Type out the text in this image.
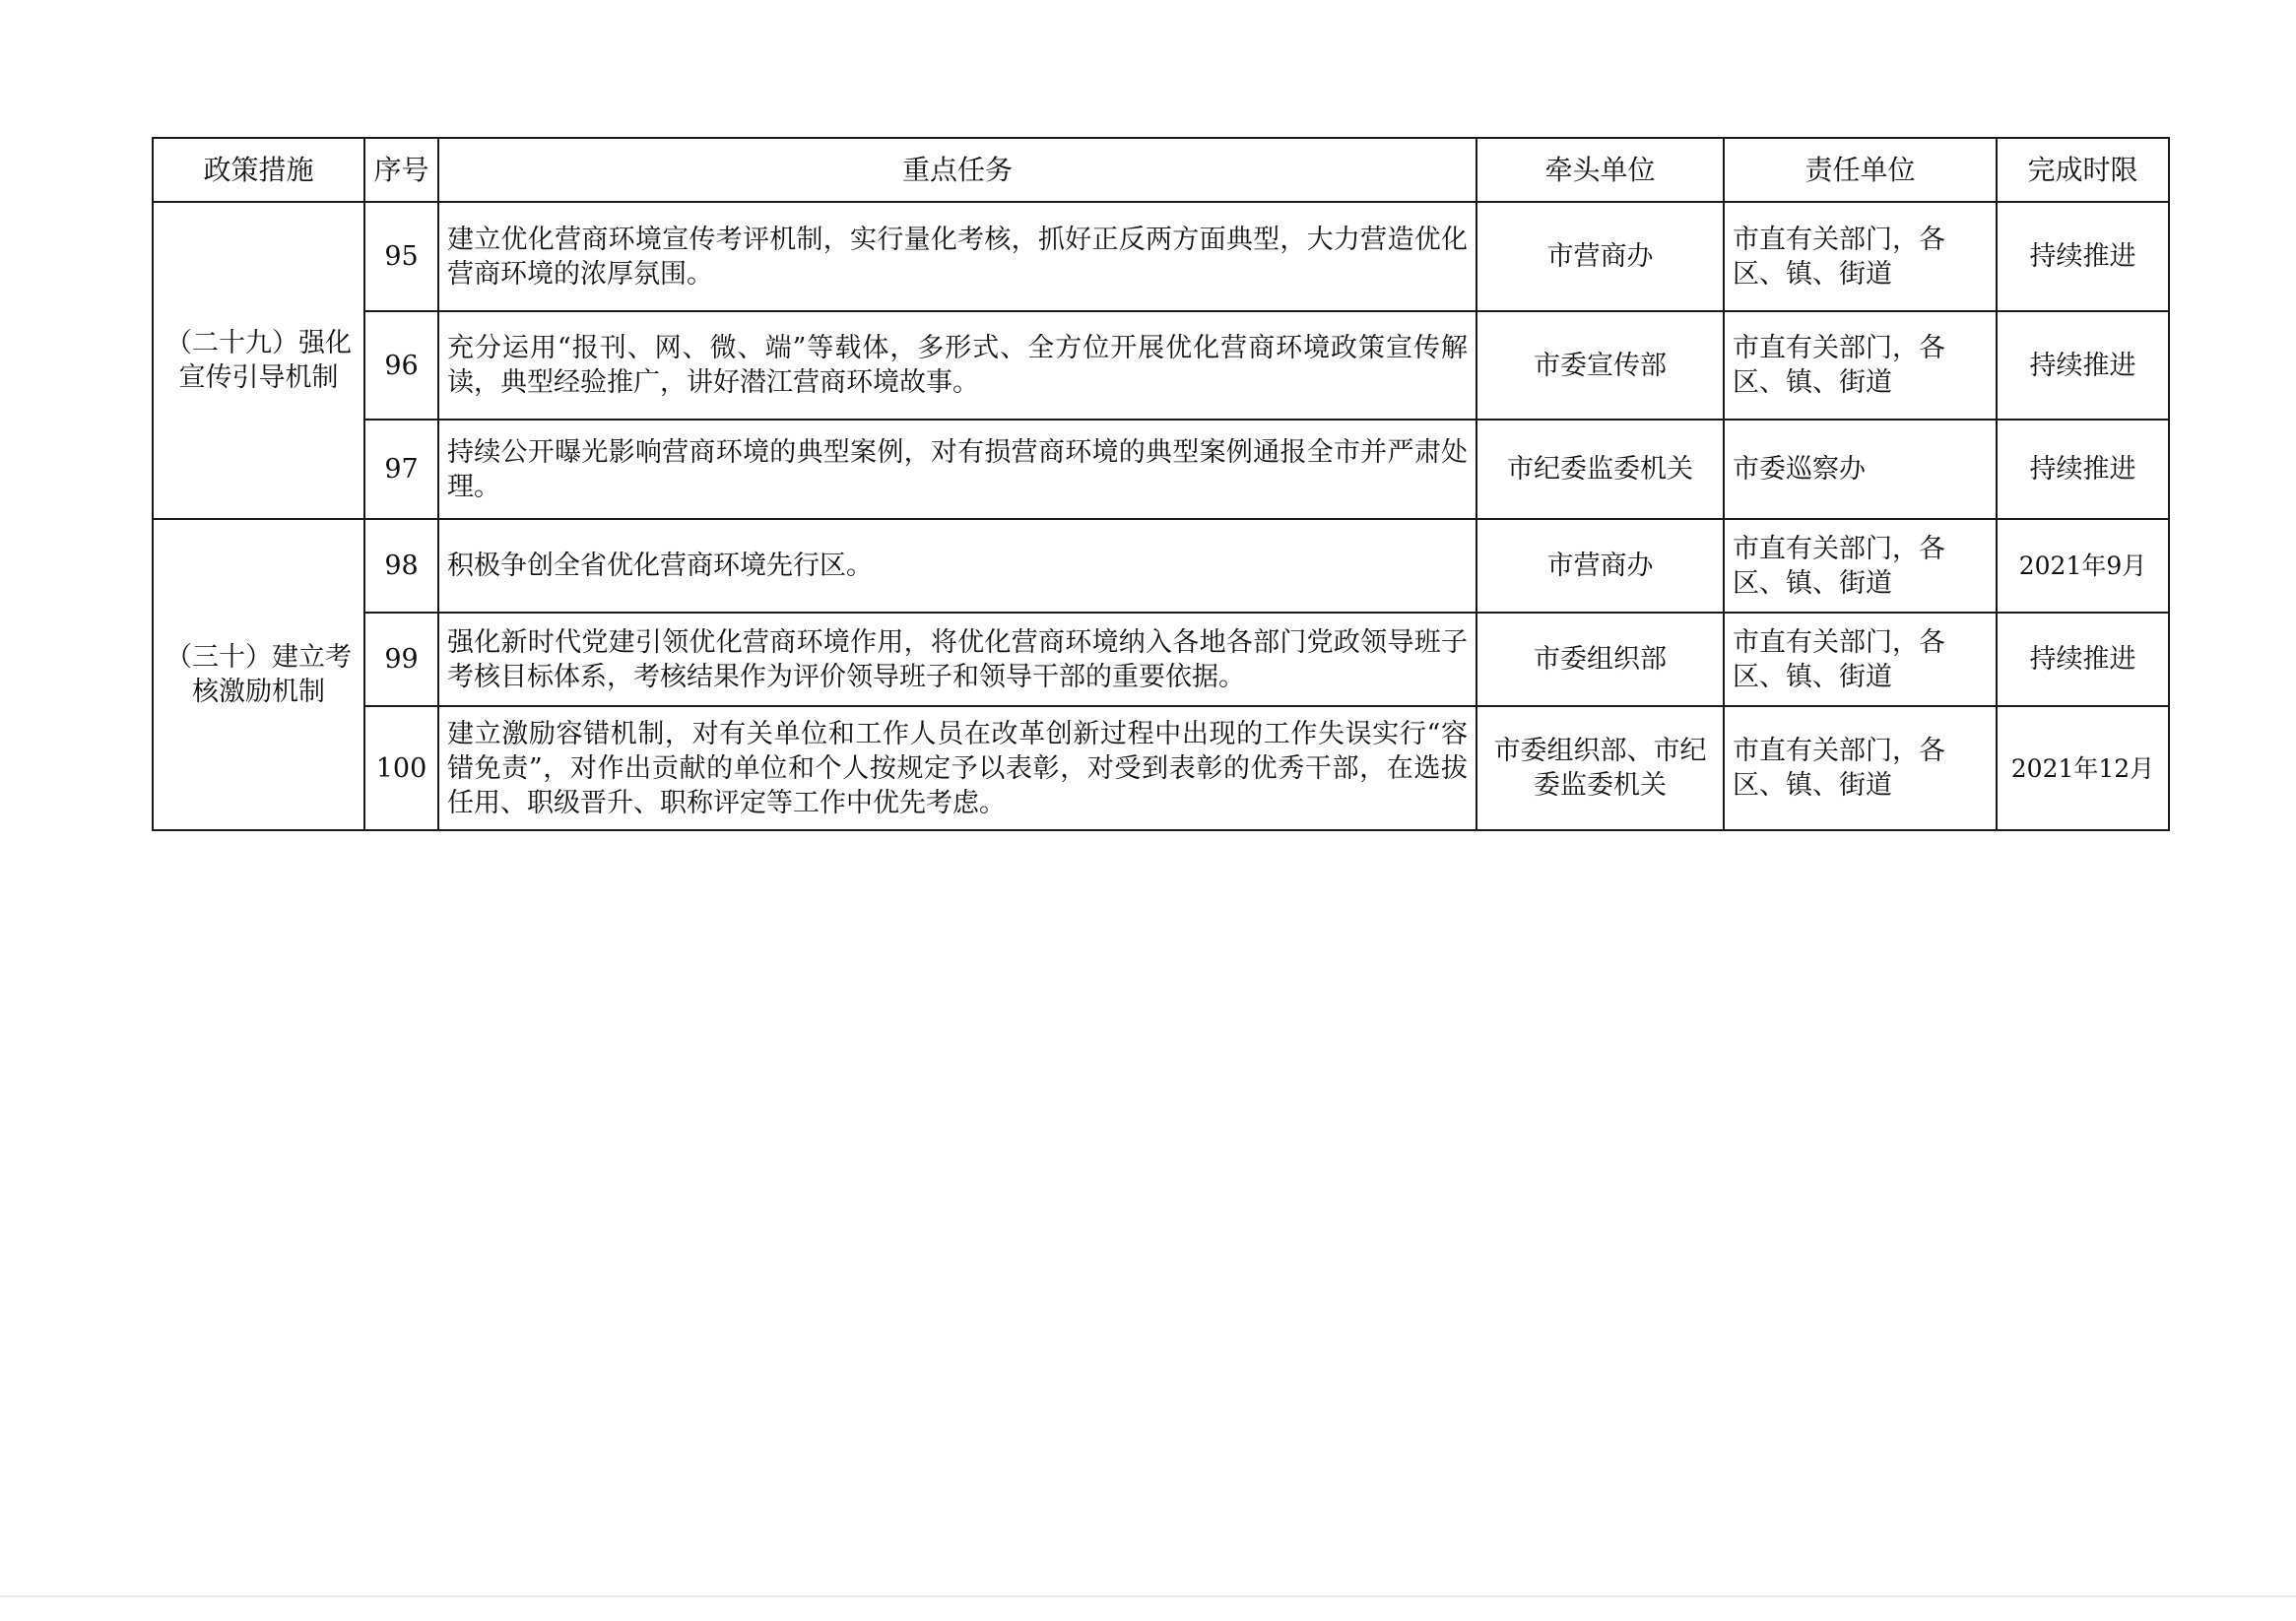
政策措施	序号	重点任务	牵头单位	责任单位	完成时限
（二十九）强化宣传引导机制	95	建立优化营商环境宣传考评机制，实行量化考核，抓好正反两方面典型，大力营造优化营商环境的浓厚氛围。	市营商办	市直有关部门，各区、镇、街道	持续推进
	96	充分运用“报刊、网、微、端”等载体，多形式、全方位开展优化营商环境政策宣传解读，典型经验推广，讲好潜江营商环境故事。	市委宣传部	市直有关部门，各区、镇、街道	持续推进
	97	持续公开曝光影响营商环境的典型案例，对有损营商环境的典型案例通报全市并严肃处理。	市纪委监委机关	市委巡察办	持续推进
（三十）建立考核激励机制	98	积极争创全省优化营商环境先行区。	市营商办	市直有关部门，各区、镇、街道	2021年9月
	99	强化新时代党建引领优化营商环境作用，将优化营商环境纳入各地各部门党政领导班子考核目标体系，考核结果作为评价领导班子和领导干部的重要依据。	市委组织部	市直有关部门，各区、镇、街道	持续推进
	100	建立激励容错机制，对有关单位和工作人员在改革创新过程中出现的工作失误实行“容错免责”，对作出贡献的单位和个人按规定予以表彰，对受到表彰的优秀干部，在选拔任用、职级晋升、职称评定等工作中优先考虑。	市委组织部、市纪委监委机关	市直有关部门，各区、镇、街道	2021年12月
